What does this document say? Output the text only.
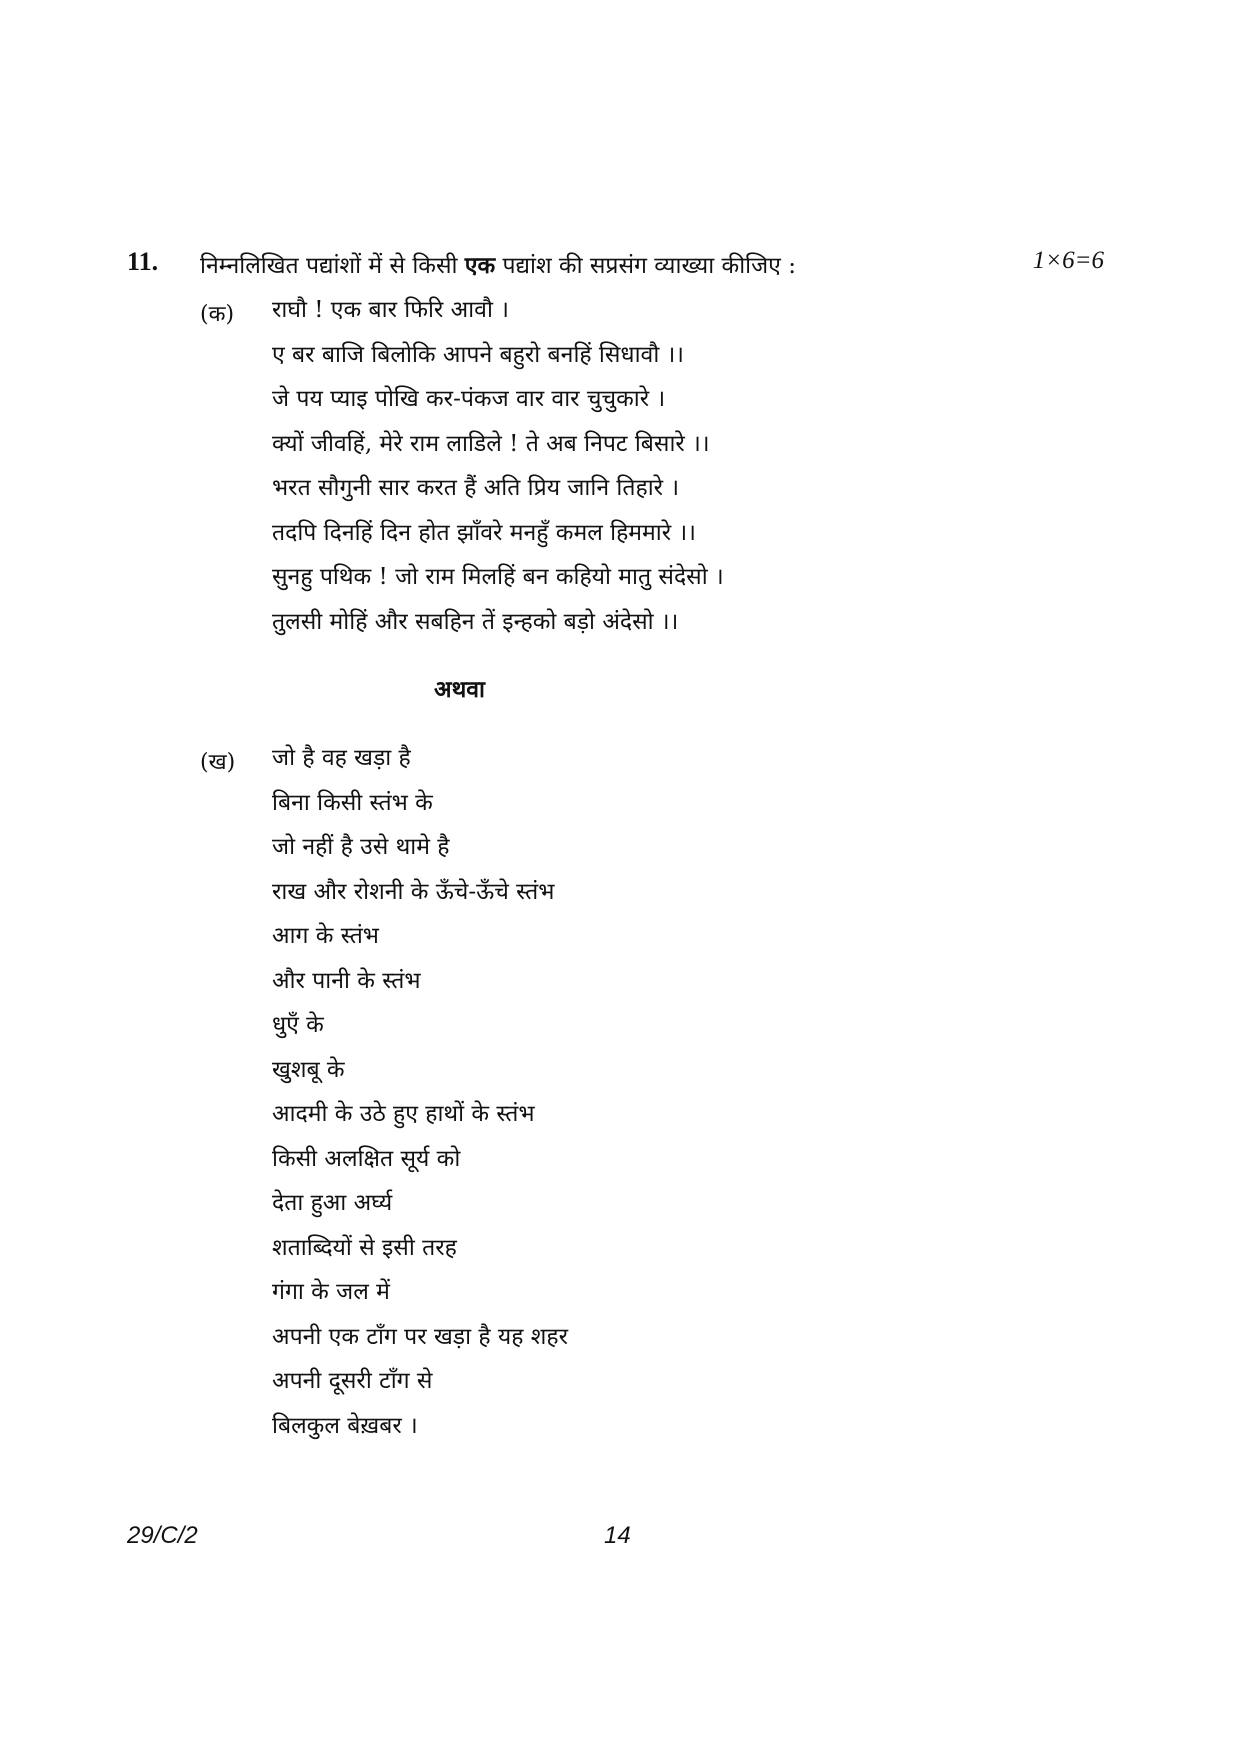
11. निम्नलिखित पद्यांशों में से किसी एक पद्यांश की सप्रसंग व्याख्या कीजिए :	1×6=6
(क) राघौ ! एक बार फिरि आवौ ।
ए बर बाजि बिलोकि आपने बहुरो बनहिं सिधावौ ।।
जे पय प्याइ पोखि कर-पंकज वार वार चुचुकारे ।
क्यों जीवहिं, मेरे राम लाडिले ! ते अब निपट बिसारे ।।
भरत सौगुनी सार करत हैं अति प्रिय जानि तिहारे ।
तदपि दिनहिं दिन होत झाँवरे मनहुँ कमल हिममारे ।।
सुनहु पथिक ! जो राम मिलहिं बन कहियो मातु संदेसो ।
तुलसी मोहिं और सबहिन तें इन्हको बड़ो अंदेसो ।।
अथवा
(ख) जो है वह खड़ा है
बिना किसी स्तंभ के
जो नहीं है उसे थामे है
राख और रोशनी के ऊँचे-ऊँचे स्तंभ
आग के स्तंभ
और पानी के स्तंभ
धुएँ के
खुशबू के
आदमी के उठे हुए हाथों के स्तंभ
किसी अलक्षित सूर्य को
देता हुआ अर्घ्य
शताब्दियों से इसी तरह
गंगा के जल में
अपनी एक टाँग पर खड़ा है यह शहर
अपनी दूसरी टाँग से
बिलकुल बेख़बर ।
29/C/2	14
